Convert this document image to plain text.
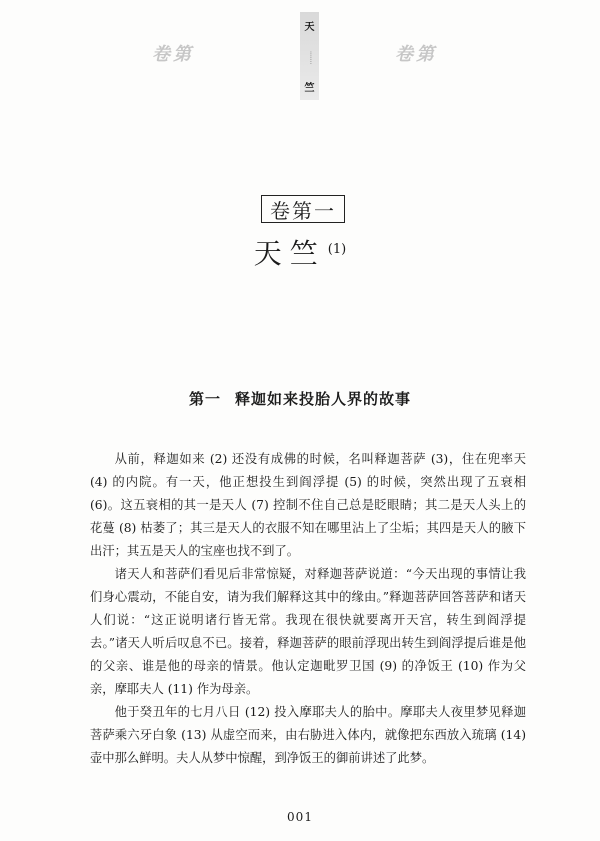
卷第
天
·······
竺
卷第
卷第一
天竺 $^{(1)}$
第一 释迦如来投胎人界的故事

从前，释迦如来 (2) 还没有成佛的时候，名叫释迦菩萨 (3)，住在兜率天 (4) 的内院。有一天，他正想投生到阎浮提 (5) 的时候，突然出现了五衰相 (6)。这五衰相的其一是天人 (7) 控制不住自己总是眨眼睛；其二是天人头上的花蔓 (8) 枯萎了；其三是天人的衣服不知在哪里沾上了尘垢；其四是天人的腋下出汗；其五是天人的宝座也找不到了。

诸天人和菩萨们看见后非常惊疑，对释迦菩萨说道：“今天出现的事情让我们身心震动，不能自安，请为我们解释这其中的缘由。”释迦菩萨回答菩萨和诸天人们说：“这正说明诸行皆无常。我现在很快就要离开天宫，转生到阎浮提去。”诸天人听后叹息不已。接着，释迦菩萨的眼前浮现出转生到阎浮提后谁是他的父亲、谁是他的母亲的情景。他认定迦毗罗卫国 (9) 的净饭王 (10) 作为父亲，摩耶夫人 (11) 作为母亲。

他于癸丑年的七月八日 (12) 投入摩耶夫人的胎中。摩耶夫人夜里梦见释迦菩萨乘六牙白象 (13) 从虚空而来，由右胁进入体内，就像把东西放入琉璃 (14) 壶中那么鲜明。夫人从梦中惊醒，到净饭王的御前讲述了此梦。

001
